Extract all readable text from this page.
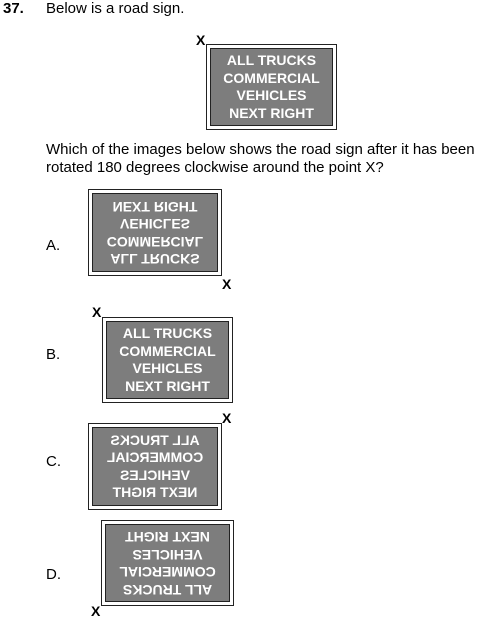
37. Below is a road sign.
X
ALL TRUCKS
COMMERCIAL
VEHICLES
NEXT RIGHT
Which of the images below shows the road sign after it has been
rotated 180 degrees clockwise around the point X?
A.
ALL TRUCKS
COMMERCIAL
VEHICLES
NEXT RIGHT
X
X
B.
ALL TRUCKS
COMMERCIAL
VEHICLES
NEXT RIGHT
X
C.
ALL TRUCKS
COMMERCIAL
VEHICLES
NEXT RIGHT
D.
ALL TRUCKS
COMMERCIAL
VEHICLES
NEXT RIGHT
X
